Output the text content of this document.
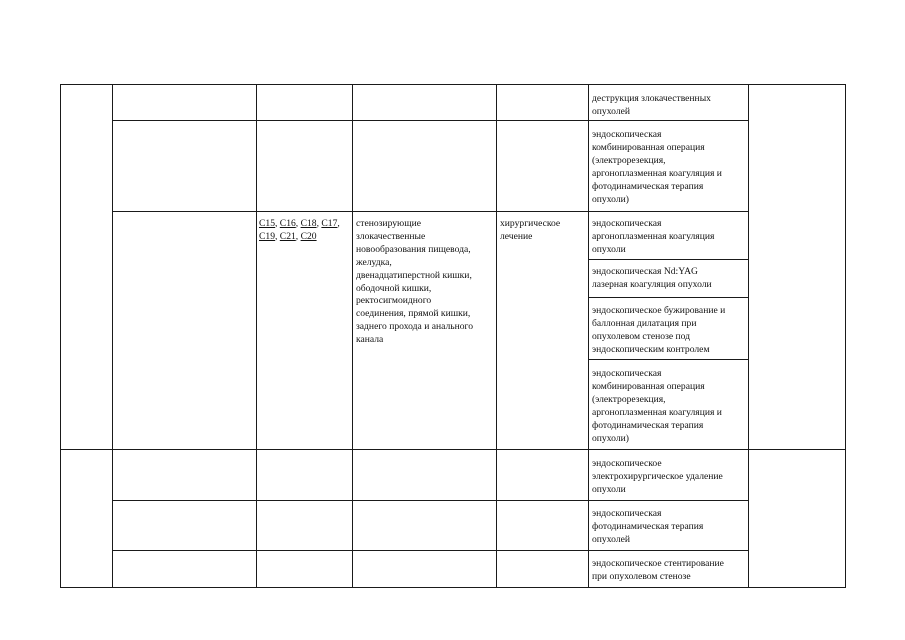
деструкция злокачественных
опухолей
эндоскопическая
комбинированная операция
(электрорезекция,
аргоноплазменная коагуляция и
фотодинамическая терапия
опухоли)
C15, C16, C18, C17,
C19, C21, C20
стенозирующие
злокачественные
новообразования пищевода,
желудка,
двенадцатиперстной кишки,
ободочной кишки,
ректосигмоидного
соединения, прямой кишки,
заднего прохода и анального
канала
хирургическое
лечение
эндоскопическая
аргоноплазменная коагуляция
опухоли
эндоскопическая Nd:YAG
лазерная коагуляция опухоли
эндоскопическое бужирование и
баллонная дилатация при
опухолевом стенозе под
эндоскопическим контролем
эндоскопическая
комбинированная операция
(электрорезекция,
аргоноплазменная коагуляция и
фотодинамическая терапия
опухоли)
эндоскопическое
электрохирургическое удаление
опухоли
эндоскопическая
фотодинамическая терапия
опухолей
эндоскопическое стентирование
при опухолевом стенозе
